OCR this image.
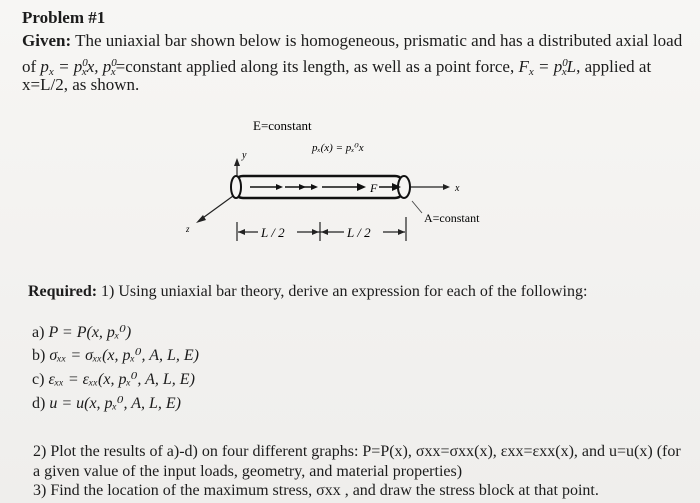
Problem #1
Given: The uniaxial bar shown below is homogeneous, prismatic and has a distributed axial load
of $p_x = p^0_xx$, $p^0_x=constant$ applied along its length, as well as a point force, $F_x = p^0_xL$, applied at
x=L/2, as shown.
E=constant
pₓ(x) = pₓ⁰x
y
z
F	x
A=constant
L / 2	L / 2
Required: 1) Using uniaxial bar theory, derive an expression for each of the following:
a) P = P(x, pₓ⁰)
b) σₓₓ = σₓₓ(x, pₓ⁰, A, L, E)
c) εₓₓ = εₓₓ(x, pₓ⁰, A, L, E)
d) u = u(x, pₓ⁰, A, L, E)
2) Plot the results of a)-d) on four different graphs: P=P(x), σxx=σxx(x), εxx=εxx(x), and u=u(x) (for
a given value of the input loads, geometry, and material properties)
3) Find the location of the maximum stress, σxx , and draw the stress block at that point.
